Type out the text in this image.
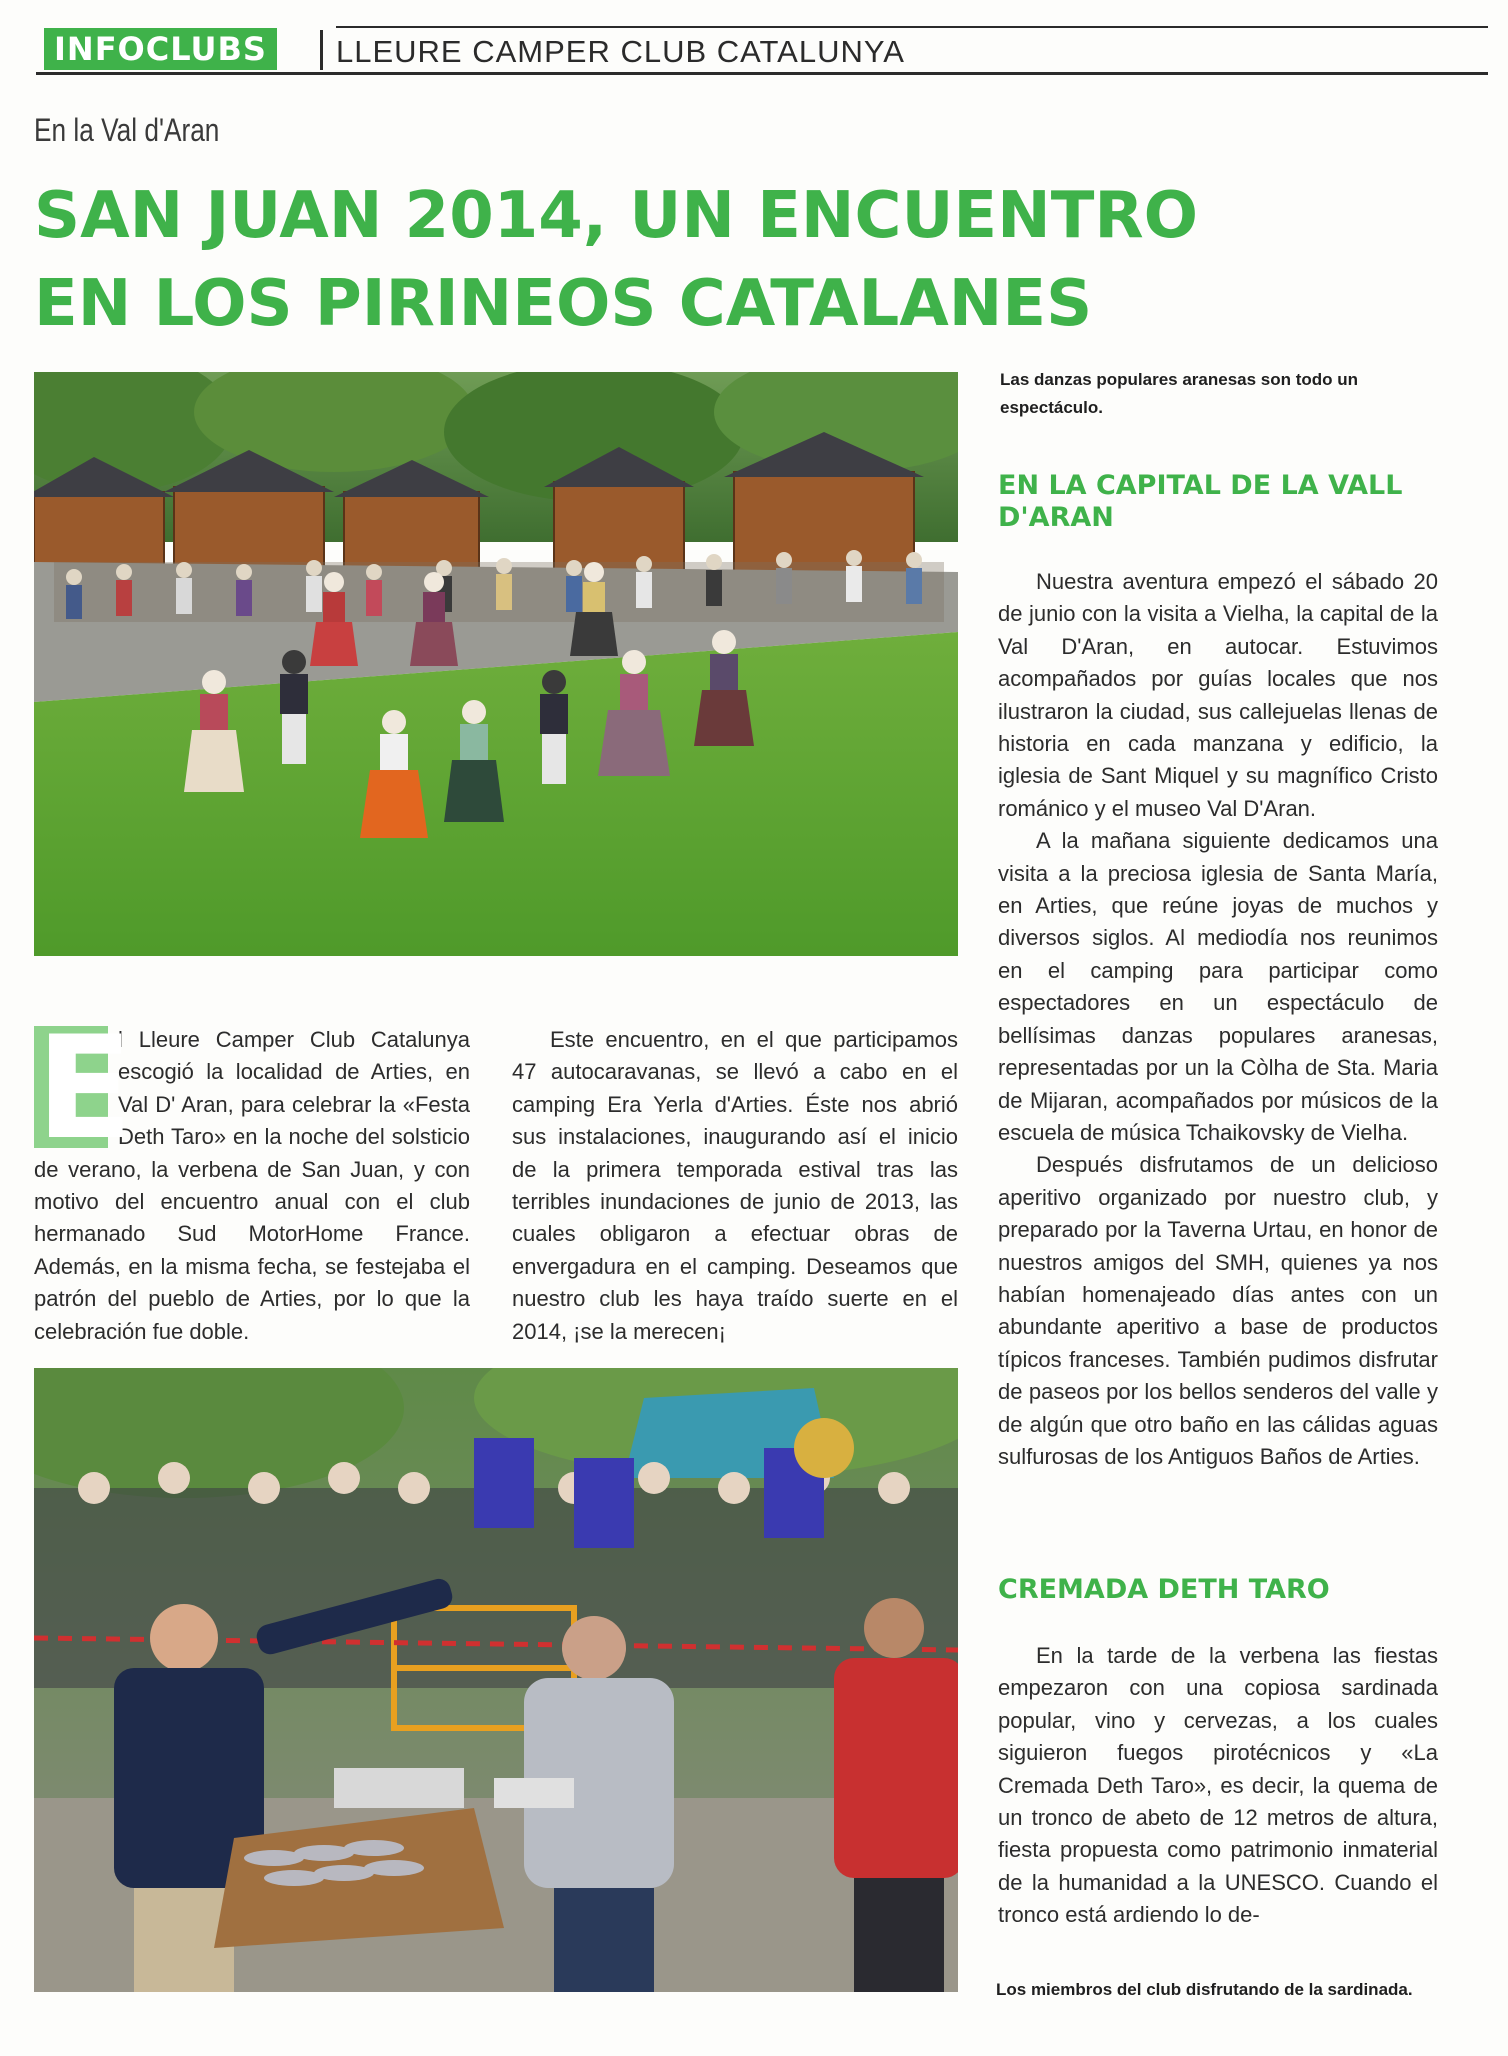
INFOCLUBS	LLEURE CAMPER CLUB CATALUNYA
En la Val d'Aran
SAN JUAN 2014, UN ENCUENTRO EN LOS PIRINEOS CATALANES
Las danzas populares aranesas son todo un espectáculo.
EN LA CAPITAL DE LA VALL D'ARAN

Nuestra aventura empezó el sábado 20 de junio con la visita a Vielha, la capital de la Val D'Aran, en autocar. Estuvimos acompañados por guías locales que nos ilustraron la ciudad, sus callejuelas llenas de historia en cada manzana y edificio, la iglesia de Sant Miquel y su magnífico Cristo románico y el museo Val D'Aran.

A la mañana siguiente dedicamos una visita a la preciosa iglesia de Santa María, en Arties, que reúne joyas de muchos y diversos siglos. Al mediodía nos reunimos en el camping para participar como espectadores en un espectáculo de bellísimas danzas populares aranesas, representadas por un la Còlha de Sta. Maria de Mijaran, acompañados por músicos de la escuela de música Tchaikovsky de Vielha.

Después disfrutamos de un delicioso aperitivo organizado por nuestro club, y preparado por la Taverna Urtau, en honor de nuestros amigos del SMH, quienes ya nos habían homenajeado días antes con un abundante aperitivo a base de productos típicos franceses. También pudimos disfrutar de paseos por los bellos senderos del valle y de algún que otro baño en las cálidas aguas sulfurosas de los Antiguos Baños de Arties.

E

l Lleure Camper Club Catalunya escogió la localidad de Arties, en Val D' Aran, para celebrar la «Festa Deth Taro» en la noche del solsticio de verano, la verbena de San Juan, y con motivo del encuentro anual con el club hermanado Sud MotorHome France. Además, en la misma fecha, se festejaba el patrón del pueblo de Arties, por lo que la celebración fue doble.

Este encuentro, en el que participamos 47 autocaravanas, se llevó a cabo en el camping Era Yerla d'Arties. Éste nos abrió sus instalaciones, inaugurando así el inicio de la primera temporada estival tras las terribles inundaciones de junio de 2013, las cuales obligaron a efectuar obras de envergadura en el camping. Deseamos que nuestro club les haya traído suerte en el 2014, ¡se la merecen¡

CREMADA DETH TARO

En la tarde de la verbena las fiestas empezaron con una copiosa sardinada popular, vino y cervezas, a los cuales siguieron fuegos pirotécnicos y «La Cremada Deth Taro», es decir, la quema de un tronco de abeto de 12 metros de altura, fiesta propuesta como patrimonio inmaterial de la humanidad a la UNESCO. Cuando el tronco está ardiendo lo de-

Los miembros del club disfrutando de la sardinada.
